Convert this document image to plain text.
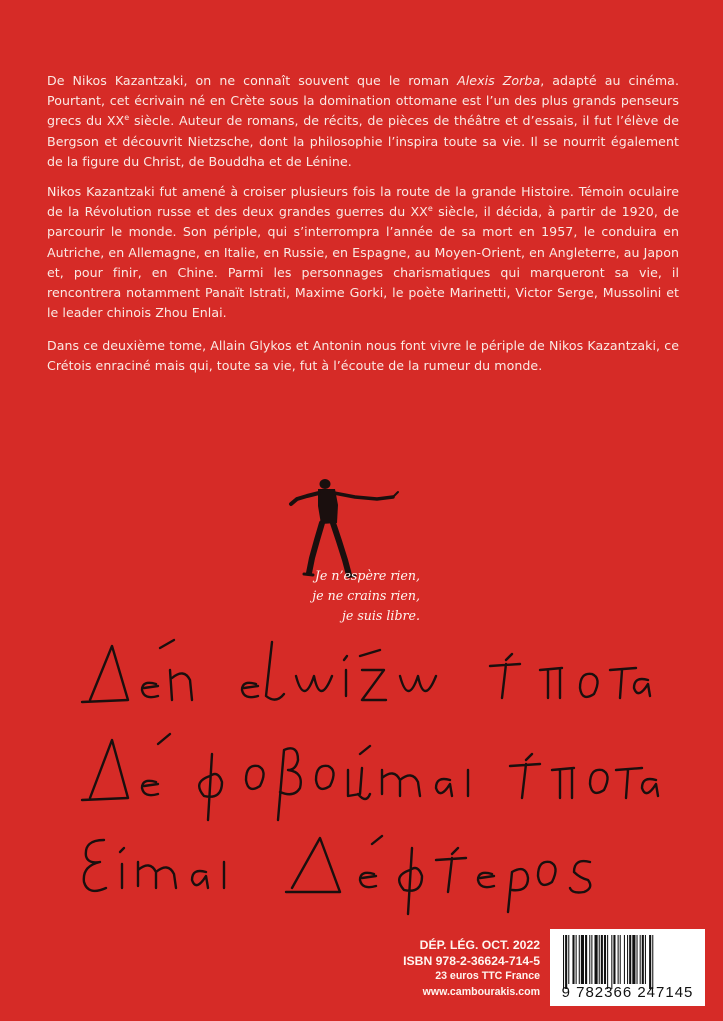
De Nikos Kazantzaki, on ne connaît souvent que le roman Alexis Zorba, adapté au cinéma. Pourtant, cet écrivain né en Crète sous la domination ottomane est l’un des plus grands penseurs grecs du XXe siècle. Auteur de romans, de récits, de pièces de théâtre et d’essais, il fut l’élève de Bergson et découvrit Nietzsche, dont la philosophie l’inspira toute sa vie. Il se nourrit également de la figure du Christ, de Bouddha et de Lénine.
Nikos Kazantzaki fut amené à croiser plusieurs fois la route de la grande Histoire. Témoin oculaire de la Révolution russe et des deux grandes guerres du XXe siècle, il décida, à partir de 1920, de parcourir le monde. Son périple, qui s’interrompra l’année de sa mort en 1957, le conduira en Autriche, en Allemagne, en Italie, en Russie, en Espagne, au Moyen-Orient, en Angleterre, au Japon et, pour finir, en Chine. Parmi les personnages charismatiques qui marqueront sa vie, il rencontrera notamment Panaït Istrati, Maxime Gorki, le poète Marinetti, Victor Serge, Mussolini et le leader chinois Zhou Enlai.
Dans ce deuxième tome, Allain Glykos et Antonin nous font vivre le périple de Nikos Kazantzaki, ce Crétois enraciné mais qui, toute sa vie, fut à l’écoute de la rumeur du monde.
Je n’espère rien,
je ne crains rien,
je suis libre.
DÉP. LÉG. OCT. 2022
ISBN 978-2-36624-714-5
23 euros TTC France
www.cambourakis.com	9 782366 247145
